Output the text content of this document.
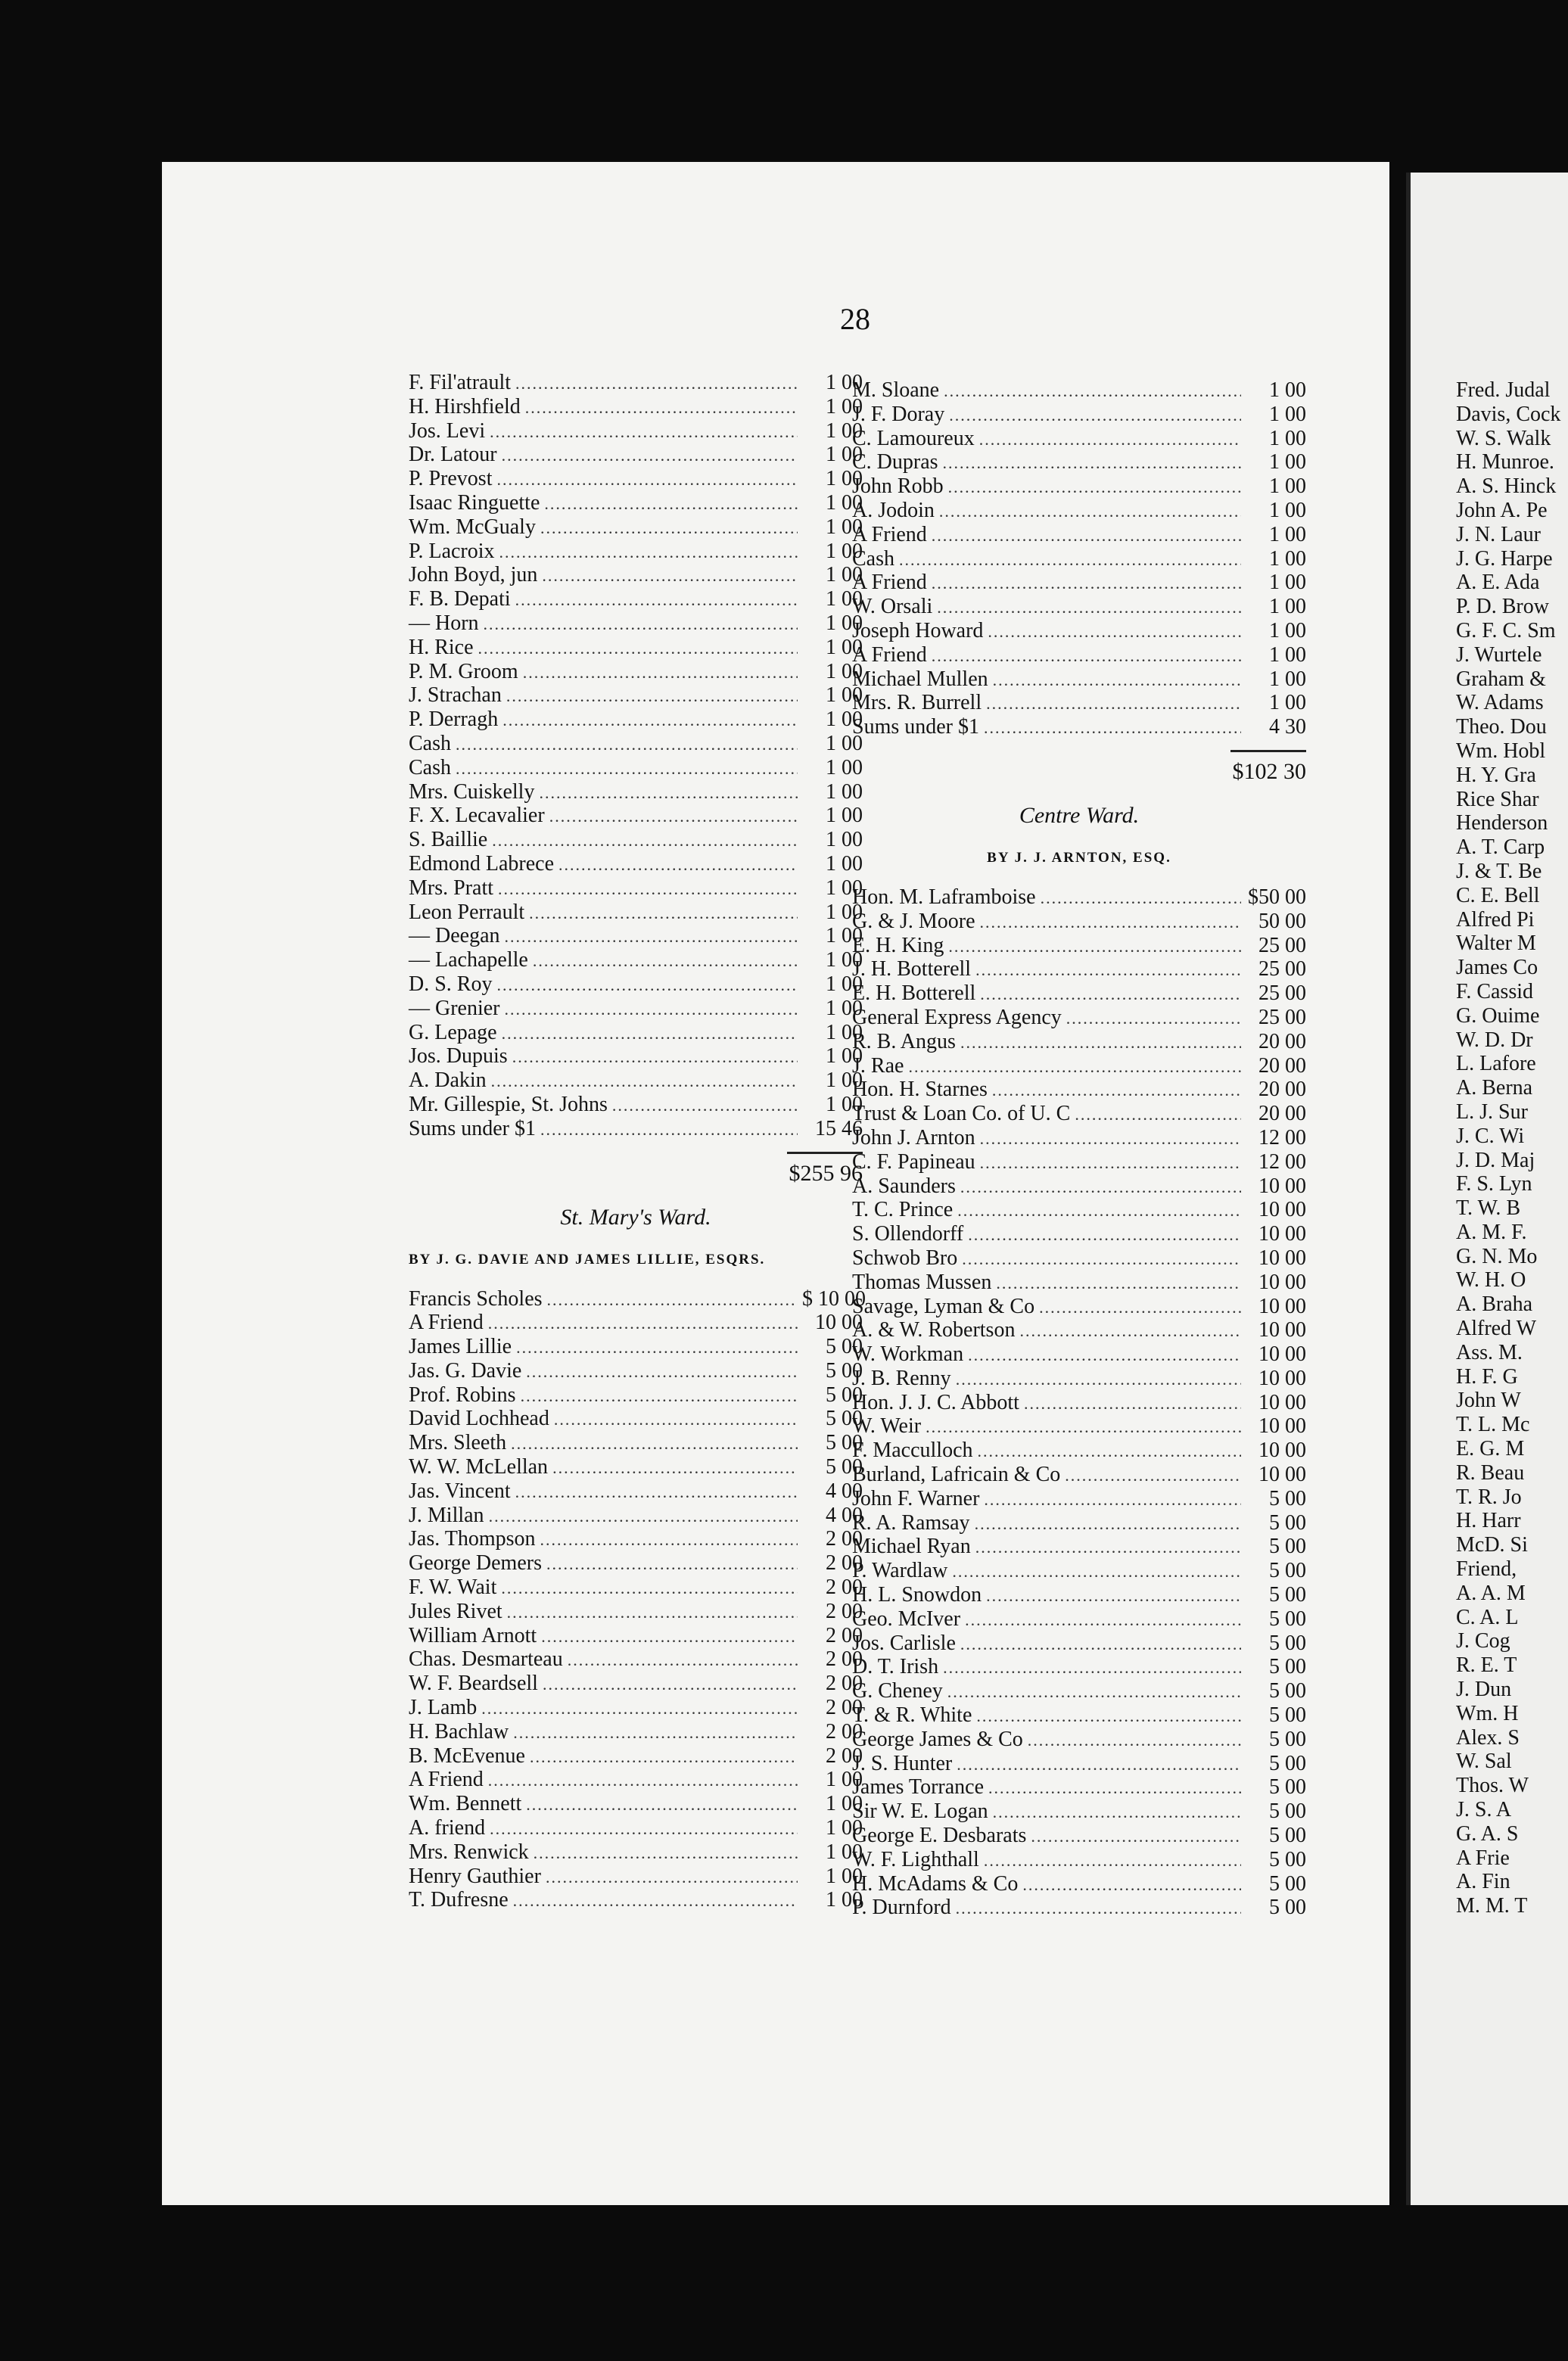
28
F. Fil'atrault .....	1 00
H. Hirshfield .....	1 00
Jos. Levi .....	1 00
Dr. Latour .....	1 00
P. Prevost .....	1 00
Isaac Ringuette .....	1 00
Wm. McGualy .....	1 00
P. Lacroix .....	1 00
John Boyd, jun .....	1 00
F. B. Depati .....	1 00
— Horn .....	1 00
H. Rice .....	1 00
P. M. Groom .....	1 00
J. Strachan .....	1 00
P. Derragh .....	1 00
Cash .....	1 00
Cash .....	1 00
Mrs. Cuiskelly .....	1 00
F. X. Lecavalier .....	1 00
S. Baillie .....	1 00
Edmond Labrece .....	1 00
Mrs. Pratt .....	1 00
Leon Perrault .....	1 00
— Deegan .....	1 00
— Lachapelle .....	1 00
D. S. Roy .....	1 00
— Grenier .....	1 00
G. Lepage .....	1 00
Jos. Dupuis .....	1 00
A. Dakin .....	1 00
Mr. Gillespie, St. Johns .....	1 00
Sums under $1 .....	15 46
$255 96
St. Mary's Ward.
BY J. G. DAVIE AND JAMES LILLIE, ESQRS.
Francis Scholes .....	$ 10 00
A Friend .....	10 00
James Lillie .....	5 00
Jas. G. Davie .....	5 00
Prof. Robins .....	5 00
David Lochhead .....	5 00
Mrs. Sleeth .....	5 00
W. W. McLellan .....	5 00
Jas. Vincent .....	4 00
J. Millan .....	4 00
Jas. Thompson .....	2 00
George Demers .....	2 00
F. W. Wait .....	2 00
Jules Rivet .....	2 00
William Arnott .....	2 00
Chas. Desmarteau .....	2 00
W. F. Beardsell .....	2 00
J. Lamb .....	2 00
H. Bachlaw .....	2 00
B. McEvenue .....	2 00
A Friend .....	1 00
Wm. Bennett .....	1 00
A. friend .....	1 00
Mrs. Renwick .....	1 00
Henry Gauthier .....	1 00
T. Dufresne .....	1 00
M. Sloane .....	1 00
J. F. Doray .....	1 00
C. Lamoureux .....	1 00
C. Dupras .....	1 00
John Robb .....	1 00
A. Jodoin .....	1 00
A Friend .....	1 00
Cash .....	1 00
A Friend .....	1 00
W. Orsali .....	1 00
Joseph Howard .....	1 00
A Friend .....	1 00
Michael Mullen .....	1 00
Mrs. R. Burrell .....	1 00
Sums under $1 .....	4 30
$102 30
Centre Ward.
BY J. J. ARNTON, ESQ.
Hon. M. Laframboise .....	$50 00
G. & J. Moore .....	50 00
E. H. King .....	25 00
J. H. Botterell .....	25 00
E. H. Botterell .....	25 00
General Express Agency .....	25 00
R. B. Angus .....	20 00
J. Rae .....	20 00
Hon. H. Starnes .....	20 00
Trust & Loan Co. of U. C .....	20 00
John J. Arnton .....	12 00
C. F. Papineau .....	12 00
A. Saunders .....	10 00
T. C. Prince .....	10 00
S. Ollendorff .....	10 00
Schwob Bro .....	10 00
Thomas Mussen .....	10 00
Savage, Lyman & Co .....	10 00
A. & W. Robertson .....	10 00
W. Workman .....	10 00
J. B. Renny .....	10 00
Hon. J. J. C. Abbott .....	10 00
W. Weir .....	10 00
F. Macculloch .....	10 00
Burland, Lafricain & Co .....	10 00
John F. Warner .....	5 00
R. A. Ramsay .....	5 00
Michael Ryan .....	5 00
P. Wardlaw .....	5 00
H. L. Snowdon .....	5 00
Geo. McIver .....	5 00
Jos. Carlisle .....	5 00
D. T. Irish .....	5 00
G. Cheney .....	5 00
T. & R. White .....	5 00
George James & Co .....	5 00
J. S. Hunter .....	5 00
James Torrance .....	5 00
Sir W. E. Logan .....	5 00
George E. Desbarats .....	5 00
W. F. Lighthall .....	5 00
H. McAdams & Co .....	5 00
P. Durnford .....	5 00
Fred. Judal
Davis, Cock
W. S. Walk
H. Munroe.
A. S. Hinck
John A. Pe
J. N. Laur
J. G. Harpe
A. E. Ada
P. D. Brow
G. F. C. Sm
J. Wurtele
Graham &
W. Adams
Theo. Dou
Wm. Hobl
H. Y. Gra
Rice Shar
Henderson
A. T. Carp
J. & T. Be
C. E. Bell
Alfred Pi
Walter M
James Co
F. Cassid
G. Ouime
W. D. Dr
L. Lafore
A. Berna
L. J. Sur
J. C. Wi
J. D. Maj
F. S. Lyn
T. W. B
A. M. F.
G. N. Mo
W. H. O
A. Braha
Alfred W
Ass. M.
H. F. G
John W
T. L. Mc
E. G. M
R. Beau
T. R. Jo
H. Harr
McD. Si
Friend,
A. A. M
C. A. L
J. Cog
R. E. T
J. Dun
Wm. H
Alex. S
W. Sal
Thos. W
J. S. A
G. A. S
A Frie
A. Fin
M. M. T
